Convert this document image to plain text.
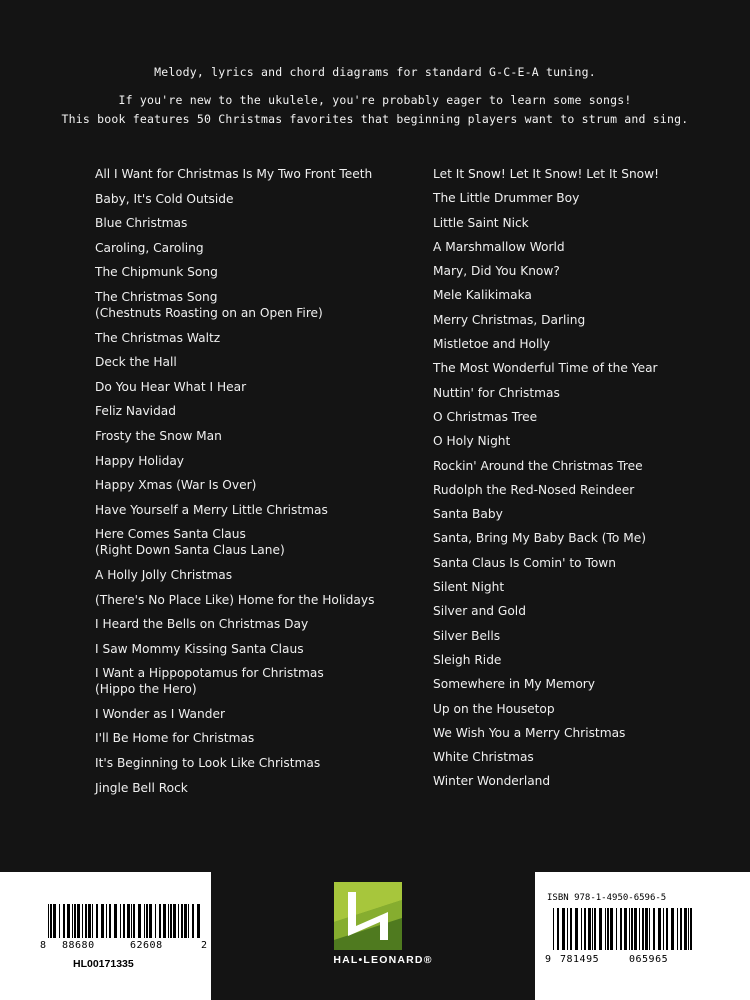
Melody, lyrics and chord diagrams for standard G-C-E-A tuning.
If you're new to the ukulele, you're probably eager to learn some songs!
This book features 50 Christmas favorites that beginning players want to strum and sing.
All I Want for Christmas Is My Two Front Teeth
Baby, It's Cold Outside
Blue Christmas
Caroling, Caroling
The Chipmunk Song
The Christmas Song
(Chestnuts Roasting on an Open Fire)
The Christmas Waltz
Deck the Hall
Do You Hear What I Hear
Feliz Navidad
Frosty the Snow Man
Happy Holiday
Happy Xmas (War Is Over)
Have Yourself a Merry Little Christmas
Here Comes Santa Claus
(Right Down Santa Claus Lane)
A Holly Jolly Christmas
(There's No Place Like) Home for the Holidays
I Heard the Bells on Christmas Day
I Saw Mommy Kissing Santa Claus
I Want a Hippopotamus for Christmas
(Hippo the Hero)
I Wonder as I Wander
I'll Be Home for Christmas
It's Beginning to Look Like Christmas
Jingle Bell Rock
Let It Snow! Let It Snow! Let It Snow!
The Little Drummer Boy
Little Saint Nick
A Marshmallow World
Mary, Did You Know?
Mele Kalikimaka
Merry Christmas, Darling
Mistletoe and Holly
The Most Wonderful Time of the Year
Nuttin' for Christmas
O Christmas Tree
O Holy Night
Rockin' Around the Christmas Tree
Rudolph the Red-Nosed Reindeer
Santa Baby
Santa, Bring My Baby Back (To Me)
Santa Claus Is Comin' to Town
Silent Night
Silver and Gold
Silver Bells
Sleigh Ride
Somewhere in My Memory
Up on the Housetop
We Wish You a Merry Christmas
White Christmas
Winter Wonderland
8 88680	62608	2
HL00171335	HAL•LEONARD®
ISBN 978-1-4950-6596-5
9 781495	065965
